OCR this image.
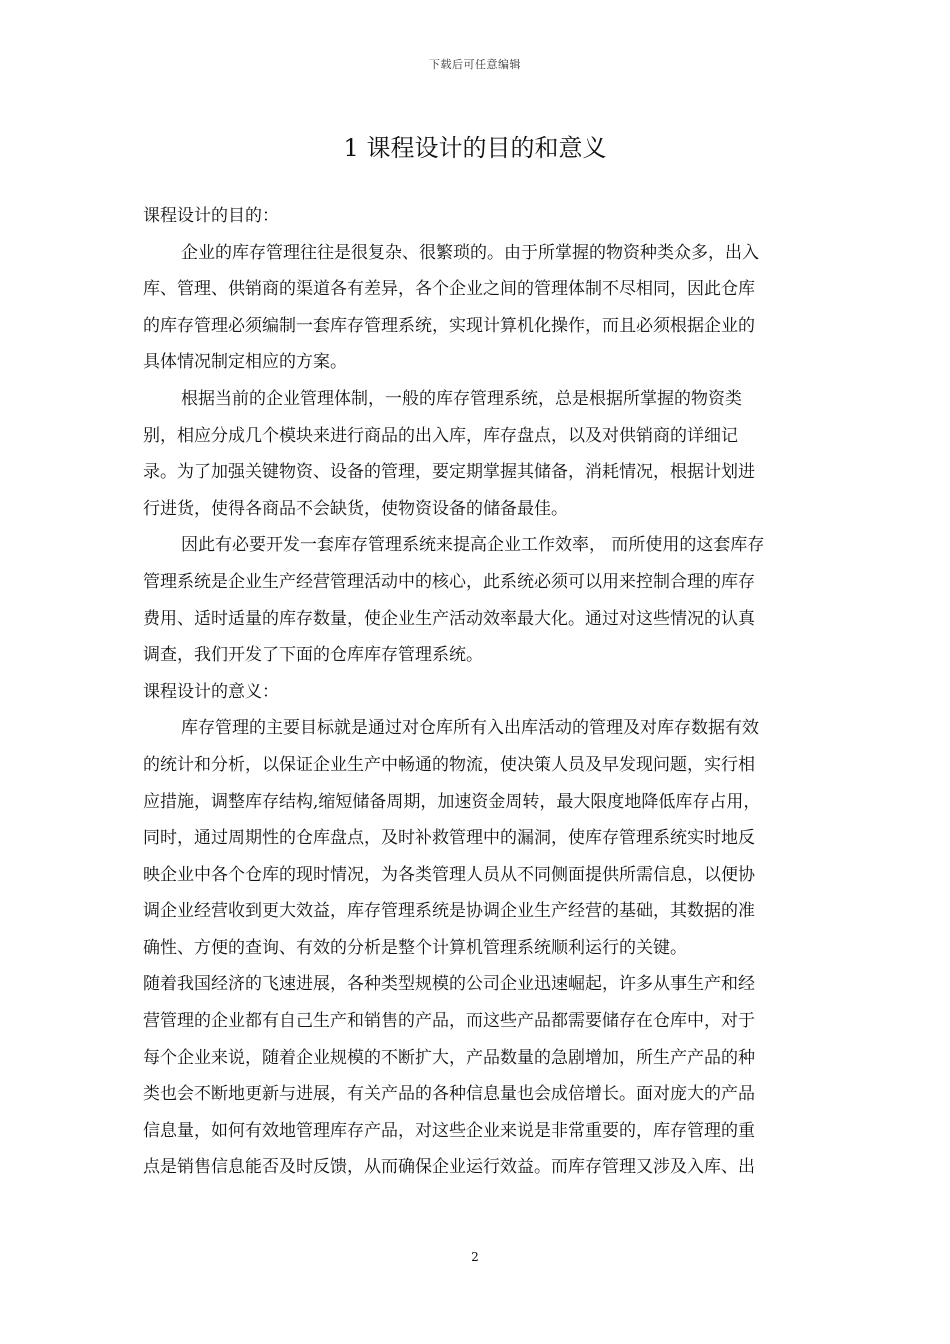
下载后可任意编辑
1 课程设计的目的和意义
课程设计的目的：
企业的库存管理往往是很复杂、很繁琐的。由于所掌握的物资种类众多，出入
库、管理、供销商的渠道各有差异，各个企业之间的管理体制不尽相同，因此仓库
的库存管理必须编制一套库存管理系统，实现计算机化操作，而且必须根据企业的
具体情况制定相应的方案。
根据当前的企业管理体制，一般的库存管理系统，总是根据所掌握的物资类
别，相应分成几个模块来进行商品的出入库，库存盘点，以及对供销商的详细记
录。为了加强关键物资、设备的管理，要定期掌握其储备，消耗情况，根据计划进
行进货，使得各商品不会缺货，使物资设备的储备最佳。
因此有必要开发一套库存管理系统来提高企业工作效率， 而所使用的这套库存
管理系统是企业生产经营管理活动中的核心，此系统必须可以用来控制合理的库存
费用、适时适量的库存数量，使企业生产活动效率最大化。通过对这些情况的认真
调查，我们开发了下面的仓库库存管理系统。
课程设计的意义：
库存管理的主要目标就是通过对仓库所有入出库活动的管理及对库存数据有效
的统计和分析，以保证企业生产中畅通的物流，使决策人员及早发现问题，实行相
应措施，调整库存结构,缩短储备周期，加速资金周转，最大限度地降低库存占用，
同时，通过周期性的仓库盘点，及时补救管理中的漏洞，使库存管理系统实时地反
映企业中各个仓库的现时情况，为各类管理人员从不同侧面提供所需信息，以便协
调企业经营收到更大效益，库存管理系统是协调企业生产经营的基础，其数据的准
确性、方便的查询、有效的分析是整个计算机管理系统顺利运行的关键。
随着我国经济的飞速进展，各种类型规模的公司企业迅速崛起，许多从事生产和经
营管理的企业都有自己生产和销售的产品，而这些产品都需要储存在仓库中，对于
每个企业来说，随着企业规模的不断扩大，产品数量的急剧增加，所生产产品的种
类也会不断地更新与进展，有关产品的各种信息量也会成倍增长。面对庞大的产品
信息量，如何有效地管理库存产品，对这些企业来说是非常重要的，库存管理的重
点是销售信息能否及时反馈，从而确保企业运行效益。而库存管理又涉及入库、出
2
